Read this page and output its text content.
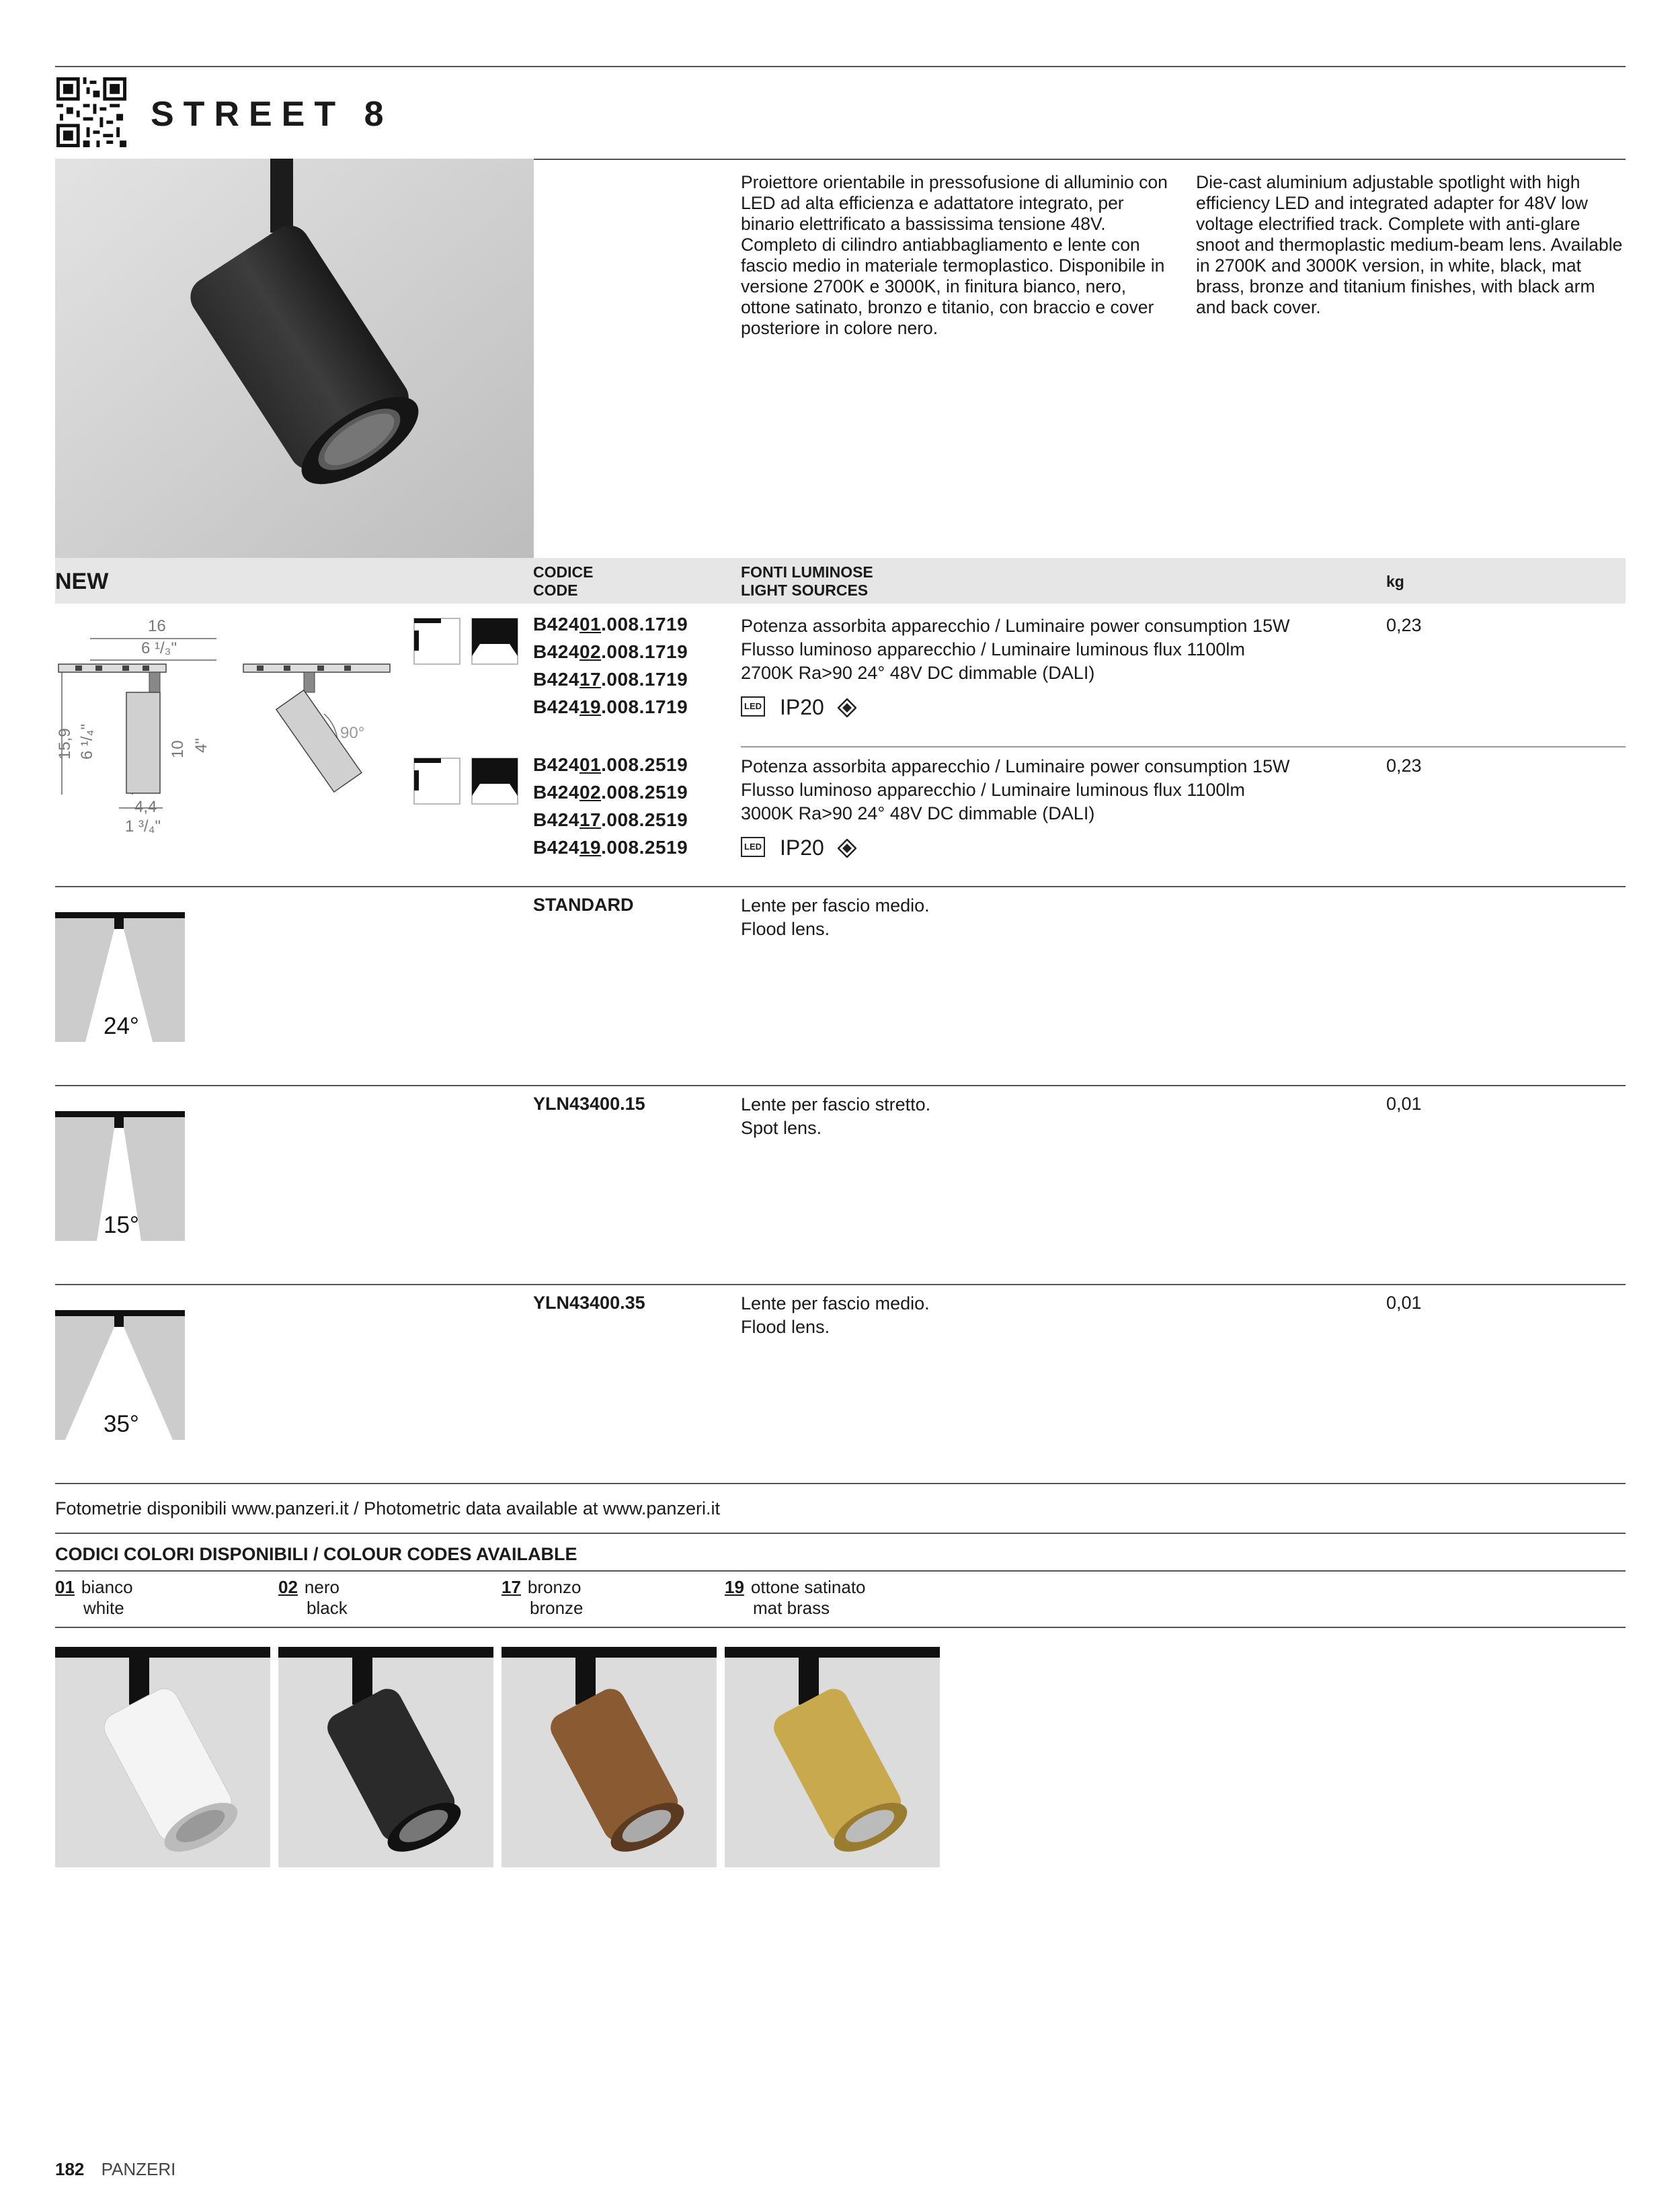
STREET 8
Proiettore orientabile in pressofusione di alluminio con LED ad alta efficienza e adattatore integrato, per binario elettrificato a bassissima tensione 48V. Completo di cilindro antiabbagliamento e lente con fascio medio in materiale termoplastico. Disponibile in versione 2700K e 3000K, in finitura bianco, nero, ottone satinato, bronzo e titanio, con braccio e cover posteriore in colore nero.
Die-cast aluminium adjustable spotlight with high efficiency LED and integrated adapter for 48V low voltage electrified track. Complete with anti-glare snoot and thermoplastic medium-beam lens. Available in 2700K and 3000K version, in white, black, mat brass, bronze and titanium finishes, with black arm and back cover.
NEW	CODICE
CODE
FONTI LUMINOSE
LIGHT SOURCES	kg
16
6 ¹/₃"
15,9 6 ¹/₄"	10 4"
4,4
1 ³/₄"
90°
B42401.008.1719
B42402.008.1719
B42417.008.1719
B42419.008.1719
Potenza assorbita apparecchio / Luminaire power consumption 15W
Flusso luminoso apparecchio / Luminaire luminous flux 1100lm
2700K Ra>90 24° 48V DC dimmable (DALI)
LED IP20
0,23
B42401.008.2519
B42402.008.2519
B42417.008.2519
B42419.008.2519
Potenza assorbita apparecchio / Luminaire power consumption 15W
Flusso luminoso apparecchio / Luminaire luminous flux 1100lm
3000K Ra>90 24° 48V DC dimmable (DALI)
LED IP20
0,23
24°
STANDARD	Lente per fascio medio.
Flood lens.
15°
YLN43400.15	Lente per fascio stretto.
Spot lens.
0,01
35°
YLN43400.35	Lente per fascio medio.
Flood lens.
0,01
Fotometrie disponibili www.panzeri.it / Photometric data available at www.panzeri.it
CODICI COLORI DISPONIBILI / COLOUR CODES AVAILABLE
01 bianco
white
02 nero
black
17 bronzo
bronze
19 ottone satinato
mat brass
182 PANZERI
